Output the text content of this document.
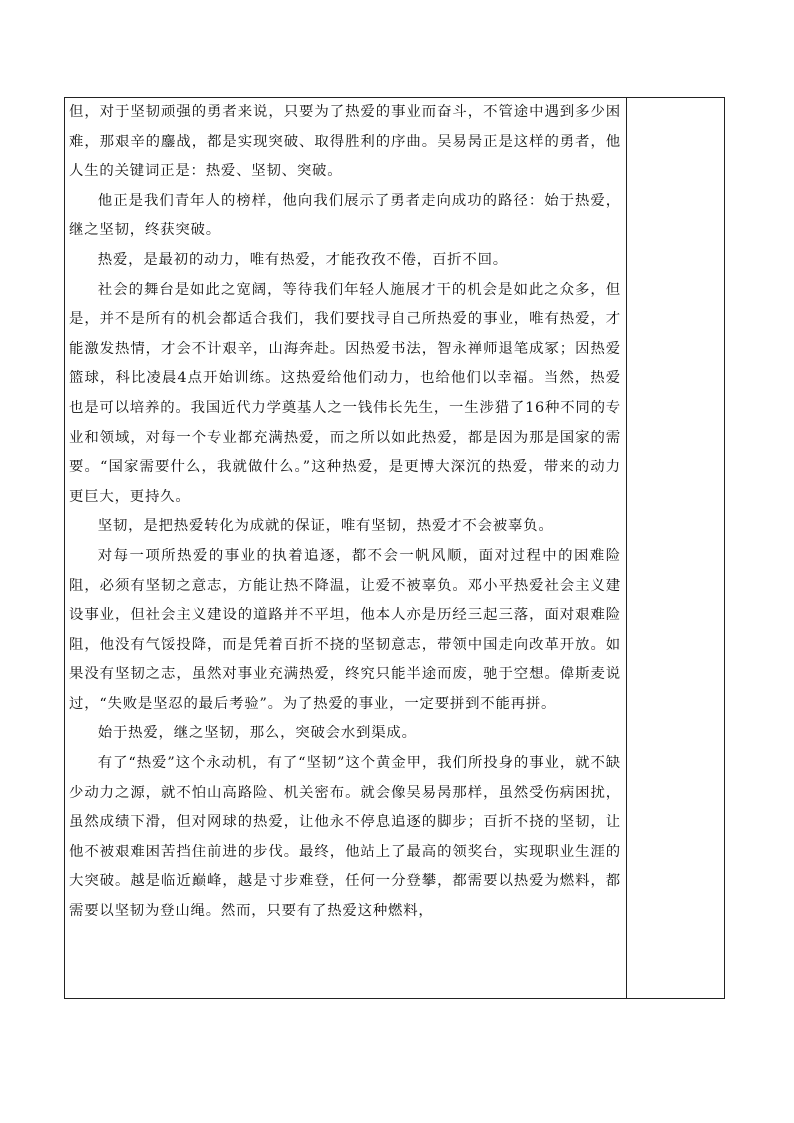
但，对于坚韧顽强的勇者来说，只要为了热爱的事业而奋斗，不管途中遇到多少困难，那艰辛的鏖战，都是实现突破、取得胜利的序曲。吴易昺正是这样的勇者，他人生的关键词正是：热爱、坚韧、突破。

他正是我们青年人的榜样，他向我们展示了勇者走向成功的路径：始于热爱，继之坚韧，终获突破。

热爱，是最初的动力，唯有热爱，才能孜孜不倦，百折不回。

社会的舞台是如此之宽阔，等待我们年轻人施展才干的机会是如此之众多，但是，并不是所有的机会都适合我们，我们要找寻自己所热爱的事业，唯有热爱，才能激发热情，才会不计艰辛，山海奔赴。因热爱书法，智永禅师退笔成冢；因热爱篮球，科比凌晨4点开始训练。这热爱给他们动力，也给他们以幸福。当然，热爱也是可以培养的。我国近代力学奠基人之一钱伟长先生，一生涉猎了16种不同的专业和领域，对每一个专业都充满热爱，而之所以如此热爱，都是因为那是国家的需要。“国家需要什么，我就做什么。”这种热爱，是更博大深沉的热爱，带来的动力更巨大，更持久。

坚韧，是把热爱转化为成就的保证，唯有坚韧，热爱才不会被辜负。

对每一项所热爱的事业的执着追逐，都不会一帆风顺，面对过程中的困难险阻，必须有坚韧之意志，方能让热不降温，让爱不被辜负。邓小平热爱社会主义建设事业，但社会主义建设的道路并不平坦，他本人亦是历经三起三落，面对艰难险阻，他没有气馁投降，而是凭着百折不挠的坚韧意志，带领中国走向改革开放。如果没有坚韧之志，虽然对事业充满热爱，终究只能半途而废，驰于空想。偉斯麦说过，“失败是坚忍的最后考验”。为了热爱的事业，一定要拼到不能再拼。

始于热爱，继之坚韧，那么，突破会水到渠成。

有了“热爱”这个永动机，有了“坚韧”这个黄金甲，我们所投身的事业，就不缺少动力之源，就不怕山高路险、机关密布。就会像吴易昺那样，虽然受伤病困扰，虽然成绩下滑，但对网球的热爱，让他永不停息追逐的脚步；百折不挠的坚韧，让他不被艰难困苦挡住前进的步伐。最终，他站上了最高的领奖台，实现职业生涯的大突破。越是临近巅峰，越是寸步难登，任何一分登攀，都需要以热爱为燃料，都需要以坚韧为登山绳。然而，只要有了热爱这种燃料，
